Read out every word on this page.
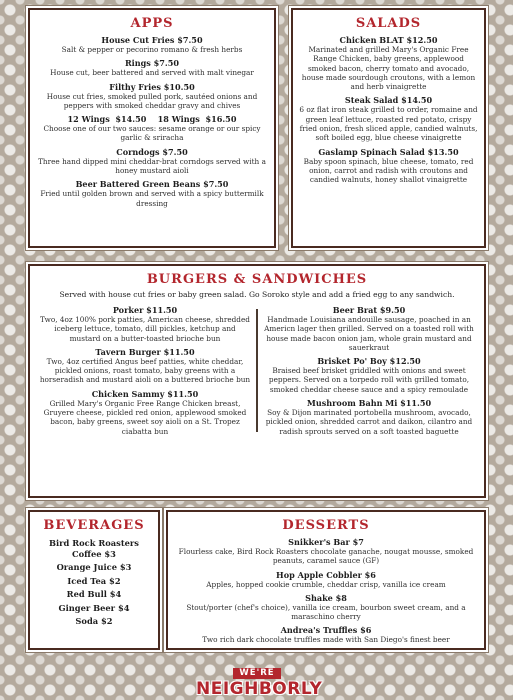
APPS
House Cut Fries $7.50
Salt & pepper or pecorino romano & fresh herbs
Rings $7.50
House cut, beer battered and served with malt vinegar
Filthy Fries $10.50
House cut fries, smoked pulled pork, sautéed onions and peppers with smoked cheddar gravy and chives
12 Wings  $14.50    18 Wings  $16.50
Choose one of our two sauces: sesame orange or our spicy garlic & sriracha
Corndogs $7.50
Three hand dipped mini cheddar-brat corndogs served with a honey mustard aioli
Beer Battered Green Beans $7.50
Fried until golden brown and served with a spicy buttermilk dressing
SALADS
Chicken BLAT $12.50
Marinated and grilled Mary's Organic Free Range Chicken, baby greens, applewood smoked bacon, cherry tomato and avocado, house made sourdough croutons, with a lemon and herb vinaigrette
Steak Salad $14.50
6 oz flat iron steak grilled to order, romaine and green leaf lettuce, roasted red potato, crispy fried onion, fresh sliced apple, candied walnuts, soft boiled egg, blue cheese vinaigrette
Gaslamp Spinach Salad $13.50
Baby spoon spinach, blue cheese, tomato, red onion, carrot and radish with croutons and candied walnuts, honey shallot vinaigrette
BURGERS & SANDWICHES
Served with house cut fries or baby green salad. Go Soroko style and add a fried egg to any sandwich.
Porker $11.50
Two, 4oz 100% pork patties, American cheese, shredded iceberg lettuce, tomato, dill pickles, ketchup and mustard on a butter-toasted brioche bun
Tavern Burger $11.50
Two, 4oz certified Angus beef patties, white cheddar, pickled onions, roast tomato, baby greens with a horseradish and mustard aioli on a buttered brioche bun
Chicken Sammy $11.50
Grilled Mary's Organic Free Range Chicken breast, Gruyere cheese, pickled red onion, applewood smoked bacon, baby greens, sweet soy aioli on a St. Tropez ciabatta bun
Beer Brat $9.50
Handmade Louisiana andouille sausage, poached in an Americn lager then grilled. Served on a toasted roll with house made bacon onion jam, whole grain mustard and sauerkraut
Brisket Po' Boy $12.50
Braised beef brisket griddled with onions and sweet peppers. Served on a torpedo roll with grilled tomato, smoked cheddar cheese sauce and a spicy remoulade
Mushroom Bahn Mi $11.50
Soy & Dijon marinated portobella mushroom, avocado, pickled onion, shredded carrot and daikon, cilantro and radish sprouts served on a soft toasted baguette
BEVERAGES
Bird Rock Roasters Coffee $3
Orange Juice $3
Iced Tea $2
Red Bull $4
Ginger Beer $4
Soda $2
DESSERTS
Snikker's Bar $7
Flourless cake, Bird Rock Roasters chocolate ganache, nougat mousse, smoked peanuts, caramel sauce (GF)
Hop Apple Cobbler $6
Apples, hopped cookie crumble, cheddar crisp, vanilla ice cream
Shake $8
Stout/porter (chef's choice), vanilla ice cream, bourbon sweet cream, and a maraschino cherry
Andrea's Truffles $6
Two rich dark chocolate truffles made with San Diego's finest beer
WE'RE
NEIGHBORLY
